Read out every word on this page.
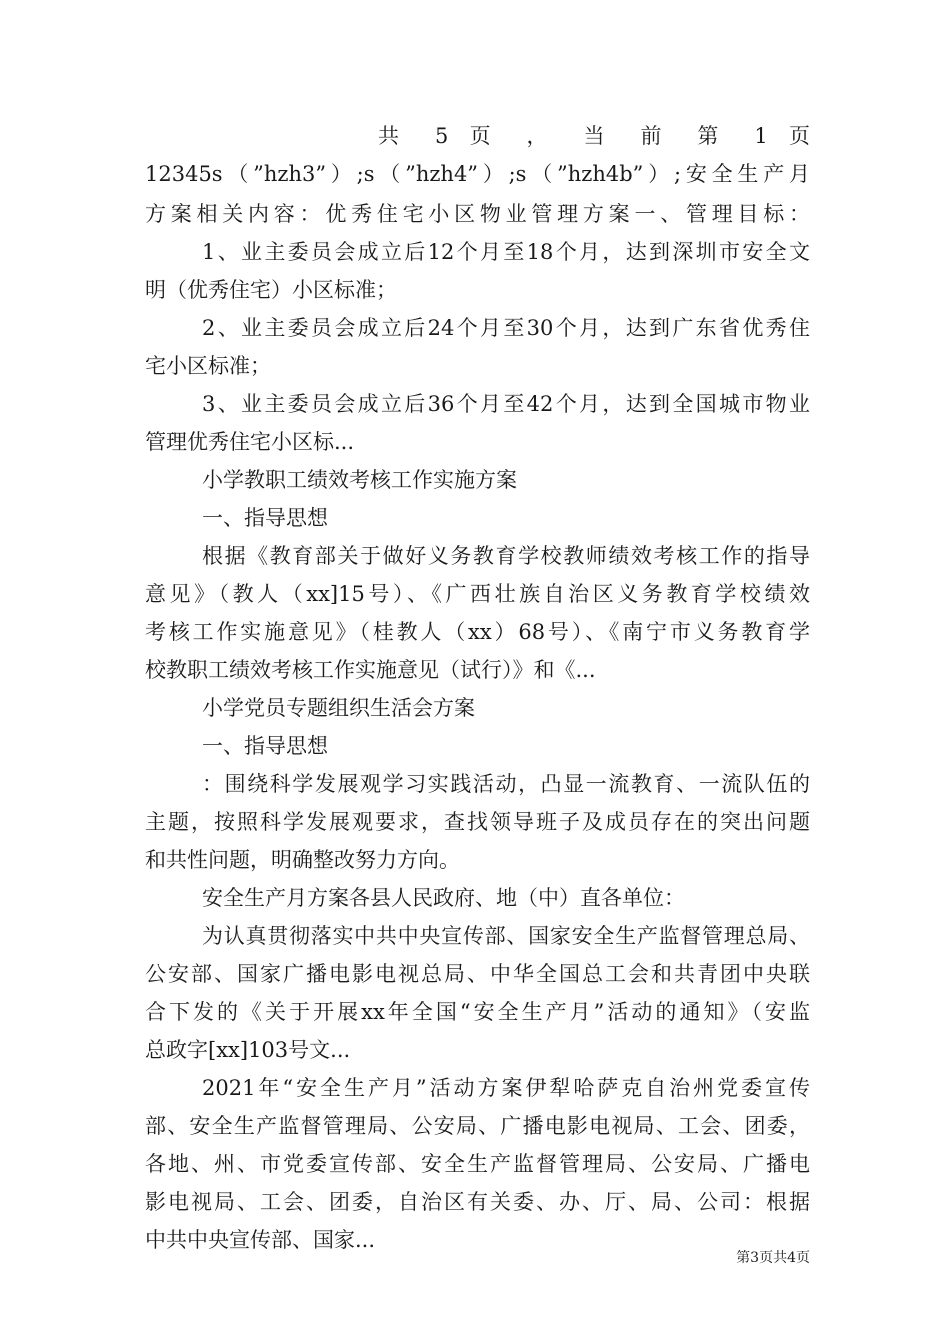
共 5 页 ， 当 前 第 1 页
12345s（”hzh3”）;s（”hzh4”）;s（”hzh4b”）;安全生产月
方案相关内容：优秀住宅小区物业管理方案一、管理目标：
1、业主委员会成立后12个月至18个月，达到深圳市安全文
明（优秀住宅）小区标准；
2、业主委员会成立后24个月至30个月，达到广东省优秀住
宅小区标准；
3、业主委员会成立后36个月至42个月，达到全国城市物业
管理优秀住宅小区标...
小学教职工绩效考核工作实施方案
一、指导思想
根据《教育部关于做好义务教育学校教师绩效考核工作的指导
意见》（教人（xx]15号）、《广西壮族自治区义务教育学校绩效
考核工作实施意见》（桂教人（xx）68号）、《南宁市义务教育学
校教职工绩效考核工作实施意见（试行）》和《...
小学党员专题组织生活会方案
一、指导思想
：围绕科学发展观学习实践活动，凸显一流教育、一流队伍的
主题，按照科学发展观要求，查找领导班子及成员存在的突出问题
和共性问题，明确整改努力方向。
安全生产月方案各县人民政府、地（中）直各单位：
为认真贯彻落实中共中央宣传部、国家安全生产监督管理总局、
公安部、国家广播电影电视总局、中华全国总工会和共青团中央联
合下发的《关于开展xx年全国“安全生产月”活动的通知》（安监
总政字[xx]103号文...
2021年“安全生产月”活动方案伊犁哈萨克自治州党委宣传
部、安全生产监督管理局、公安局、广播电影电视局、工会、团委，
各地、州、市党委宣传部、安全生产监督管理局、公安局、广播电
影电视局、工会、团委，自治区有关委、办、厅、局、公司：根据
中共中央宣传部、国家...
第3页共4页
